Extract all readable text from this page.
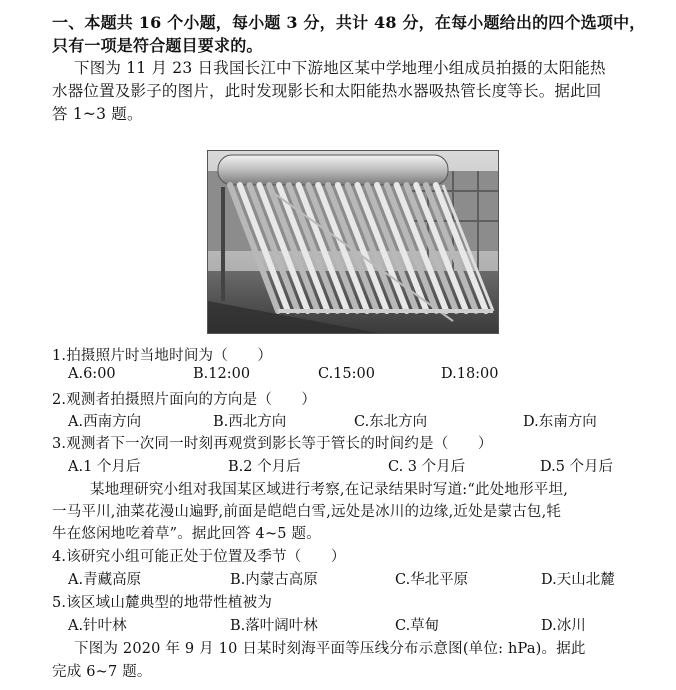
一、本题共 16 个小题，每小题 3 分，共计 48 分，在每小题给出的四个选项中，
只有一项是符合题目要求的。
下图为 11 月 23 日我国长江中下游地区某中学地理小组成员拍摄的太阳能热
水器位置及影子的图片，此时发现影长和太阳能热水器吸热管长度等长。据此回
答 1~3 题。
1.拍摄照片时当地时间为（　　）
A.6:00	B.12:00	C.15:00	D.18:00
2.观测者拍摄照片面向的方向是（　　）
A.西南方向	B.西北方向	C.东北方向	D.东南方向
3.观测者下一次同一时刻再观赏到影长等于管长的时间约是（　　）
A.1 个月后	B.2 个月后	C. 3 个月后	D.5 个月后
某地理研究小组对我国某区域进行考察,在记录结果时写道:“此处地形平坦,
一马平川,油菜花漫山遍野,前面是皑皑白雪,远处是冰川的边缘,近处是蒙古包,牦
牛在悠闲地吃着草”。据此回答 4~5 题。
4.该研究小组可能正处于位置及季节（　　）
A.青藏高原	B.内蒙古高原	C.华北平原	D.天山北麓
5.该区域山麓典型的地带性植被为
A.针叶林	B.落叶阔叶林	C.草甸	D.冰川
下图为 2020 年 9 月 10 日某时刻海平面等压线分布示意图(单位: hPa)。据此
完成 6~7 题。
